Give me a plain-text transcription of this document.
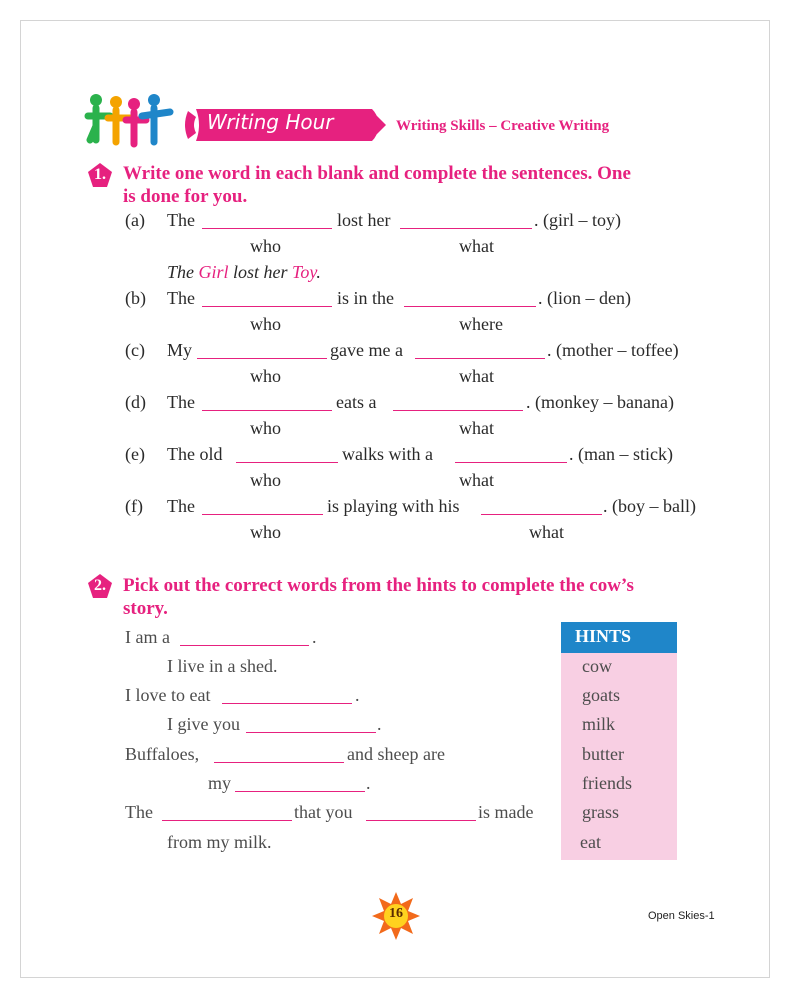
Writing Hour	Writing Skills – Creative Writing
1. Write one word in each blank and complete the sentences. One
is done for you.
(a) The	lost her	. (girl – toy)
who	what
The Girl lost her Toy.
(b) The	is in the	. (lion – den)
who	where
(c) My	gave me a	. (mother – toffee)
who	what
(d) The	eats a	. (monkey – banana)
who	what
(e) The old	walks with a	. (man – stick)
who	what
(f) The	is playing with his	. (boy – ball)
who	what
2. Pick out the correct words from the hints to complete the cow’s
story.
I am a	.
I live in a shed.
I love to eat	.
I give you	.
Buffaloes,	and sheep are
my	.
The	that you	is made
from my milk.
HINTS
cow
goats
milk
butter
friends
grass
eat
16	Open Skies-1
